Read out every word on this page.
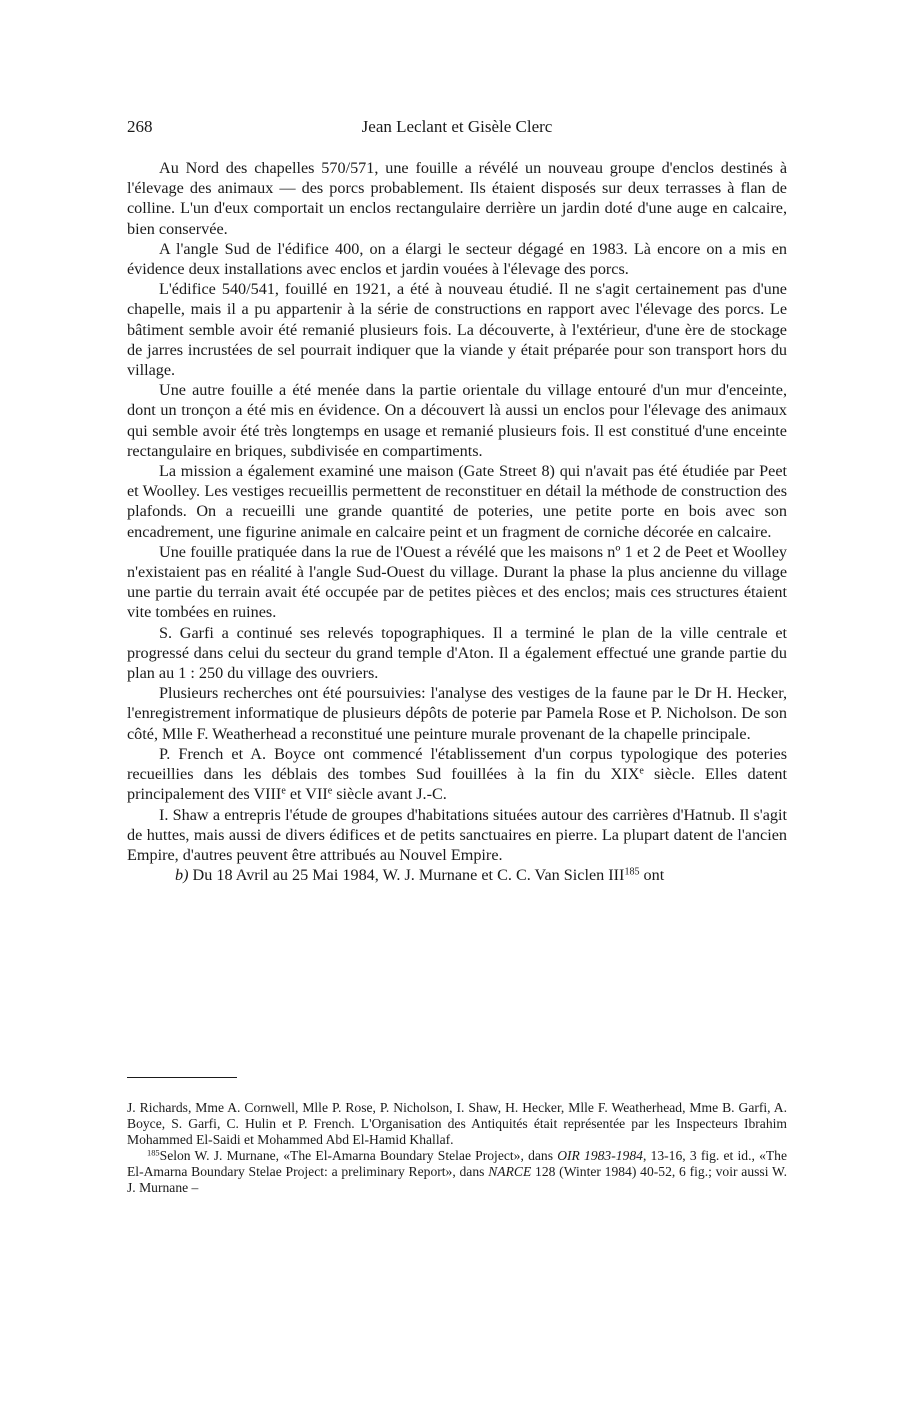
268	Jean Leclant et Gisèle Clerc

Au Nord des chapelles 570/571, une fouille a révélé un nouveau groupe d'enclos destinés à l'élevage des animaux — des porcs probablement. Ils étaient disposés sur deux terrasses à flan de colline. L'un d'eux comportait un enclos rectangulaire derrière un jardin doté d'une auge en calcaire, bien conservée.

A l'angle Sud de l'édifice 400, on a élargi le secteur dégagé en 1983. Là encore on a mis en évidence deux installations avec enclos et jardin vouées à l'élevage des porcs.

L'édifice 540/541, fouillé en 1921, a été à nouveau étudié. Il ne s'agit certainement pas d'une chapelle, mais il a pu appartenir à la série de constructions en rapport avec l'élevage des porcs. Le bâtiment semble avoir été remanié plusieurs fois. La découverte, à l'extérieur, d'une ère de stockage de jarres incrustées de sel pourrait indiquer que la viande y était préparée pour son transport hors du village.

Une autre fouille a été menée dans la partie orientale du village entouré d'un mur d'enceinte, dont un tronçon a été mis en évidence. On a découvert là aussi un enclos pour l'élevage des animaux qui semble avoir été très longtemps en usage et remanié plusieurs fois. Il est constitué d'une enceinte rectangulaire en briques, subdivisée en compartiments.

La mission a également examiné une maison (Gate Street 8) qui n'avait pas été étudiée par Peet et Woolley. Les vestiges recueillis permettent de reconstituer en détail la méthode de construction des plafonds. On a recueilli une grande quantité de poteries, une petite porte en bois avec son encadrement, une figurine animale en calcaire peint et un fragment de corniche décorée en calcaire.

Une fouille pratiquée dans la rue de l'Ouest a révélé que les maisons nº 1 et 2 de Peet et Woolley n'existaient pas en réalité à l'angle Sud-Ouest du village. Durant la phase la plus ancienne du village une partie du terrain avait été occupée par de petites pièces et des enclos; mais ces structures étaient vite tombées en ruines.

S. Garfi a continué ses relevés topographiques. Il a terminé le plan de la ville centrale et progressé dans celui du secteur du grand temple d'Aton. Il a également effectué une grande partie du plan au 1 : 250 du village des ouvriers.

Plusieurs recherches ont été poursuivies: l'analyse des vestiges de la faune par le Dr H. Hecker, l'enregistrement informatique de plusieurs dépôts de poterie par Pamela Rose et P. Nicholson. De son côté, Mlle F. Weatherhead a reconstitué une peinture murale provenant de la chapelle principale.

P. French et A. Boyce ont commencé l'établissement d'un corpus typologique des poteries recueillies dans les déblais des tombes Sud fouillées à la fin du XIXe siècle. Elles datent principalement des VIIIe et VIIe siècle avant J.-C.

I. Shaw a entrepris l'étude de groupes d'habitations situées autour des carrières d'Hatnub. Il s'agit de huttes, mais aussi de divers édifices et de petits sanctuaires en pierre. La plupart datent de l'ancien Empire, d'autres peuvent être attribués au Nouvel Empire.

b) Du 18 Avril au 25 Mai 1984, W. J. Murnane et C. C. Van Siclen III$^{185}$ ont

J. Richards, Mme A. Cornwell, Mlle P. Rose, P. Nicholson, I. Shaw, H. Hecker, Mlle F. Weatherhead, Mme B. Garfi, A. Boyce, S. Garfi, C. Hulin et P. French. L'Organisation des Antiquités était représentée par les Inspecteurs Ibrahim Mohammed El-Saidi et Mohammed Abd El-Hamid Khallaf.

$^{185}$Selon W. J. Murnane, «The El-Amarna Boundary Stelae Project», dans OIR 1983-1984, 13-16, 3 fig. et id., «The El-Amarna Boundary Stelae Project: a preliminary Report», dans NARCE 128 (Winter 1984) 40-52, 6 fig.; voir aussi W. J. Murnane –
